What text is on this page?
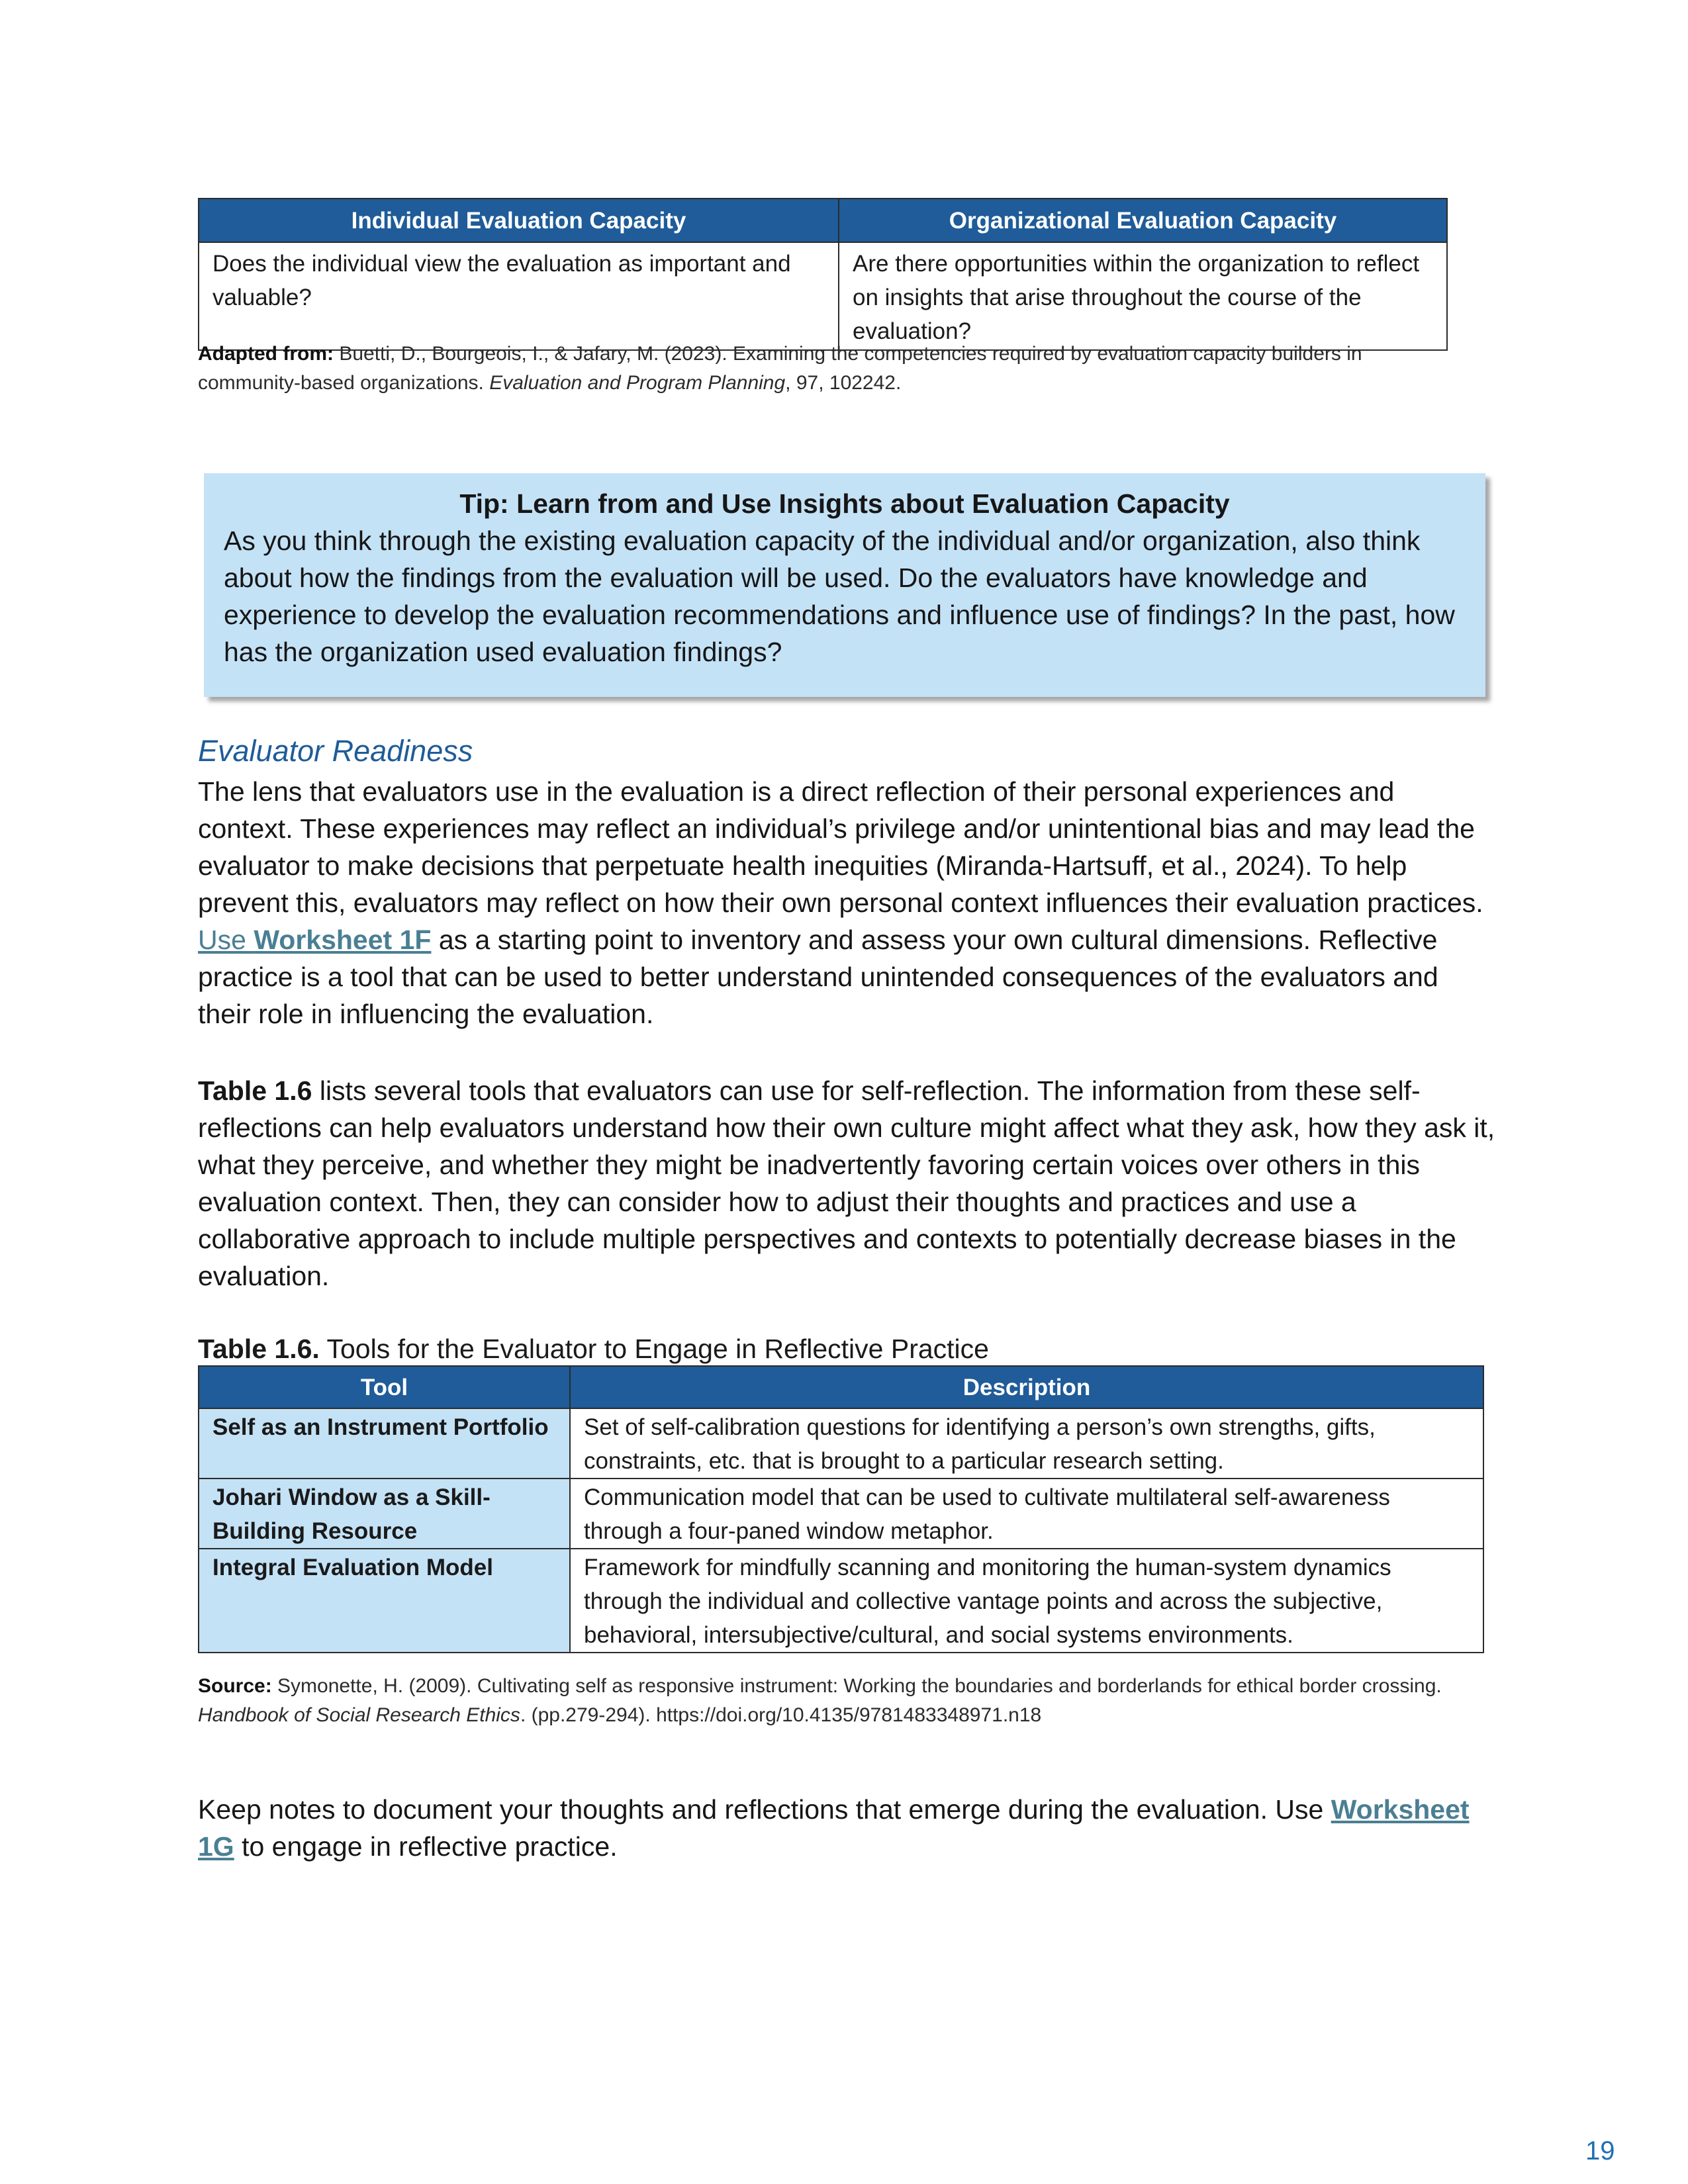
Individual Evaluation Capacity	Organizational Evaluation Capacity
Does the individual view the evaluation as important and valuable?	Are there opportunities within the organization to reflect on insights that arise throughout the course of the evaluation?
Adapted from: Buetti, D., Bourgeois, I., & Jafary, M. (2023). Examining the competencies required by evaluation capacity builders in community-based organizations. Evaluation and Program Planning, 97, 102242.
Tip: Learn from and Use Insights about Evaluation Capacity
As you think through the existing evaluation capacity of the individual and/or organization, also think about how the findings from the evaluation will be used. Do the evaluators have knowledge and experience to develop the evaluation recommendations and influence use of findings? In the past, how has the organization used evaluation findings?
Evaluator Readiness
The lens that evaluators use in the evaluation is a direct reflection of their personal experiences and context. These experiences may reflect an individual’s privilege and/or unintentional bias and may lead the evaluator to make decisions that perpetuate health inequities (Miranda-Hartsuff, et al., 2024). To help prevent this, evaluators may reflect on how their own personal context influences their evaluation practices. Use Worksheet 1F as a starting point to inventory and assess your own cultural dimensions. Reflective practice is a tool that can be used to better understand unintended consequences of the evaluators and their role in influencing the evaluation.
Table 1.6 lists several tools that evaluators can use for self-reflection. The information from these self-reflections can help evaluators understand how their own culture might affect what they ask, how they ask it, what they perceive, and whether they might be inadvertently favoring certain voices over others in this evaluation context. Then, they can consider how to adjust their thoughts and practices and use a collaborative approach to include multiple perspectives and contexts to potentially decrease biases in the evaluation.
Table 1.6. Tools for the Evaluator to Engage in Reflective Practice
Tool	Description
Self as an Instrument Portfolio	Set of self-calibration questions for identifying a person’s own strengths, gifts, constraints, etc. that is brought to a particular research setting.
Johari Window as a Skill-Building Resource	Communication model that can be used to cultivate multilateral self-awareness through a four-paned window metaphor.
Integral Evaluation Model	Framework for mindfully scanning and monitoring the human-system dynamics through the individual and collective vantage points and across the subjective, behavioral, intersubjective/cultural, and social systems environments.
Source: Symonette, H. (2009). Cultivating self as responsive instrument: Working the boundaries and borderlands for ethical border crossing. Handbook of Social Research Ethics. (pp.279-294). https://doi.org/10.4135/9781483348971.n18
Keep notes to document your thoughts and reflections that emerge during the evaluation. Use Worksheet 1G to engage in reflective practice.
19
